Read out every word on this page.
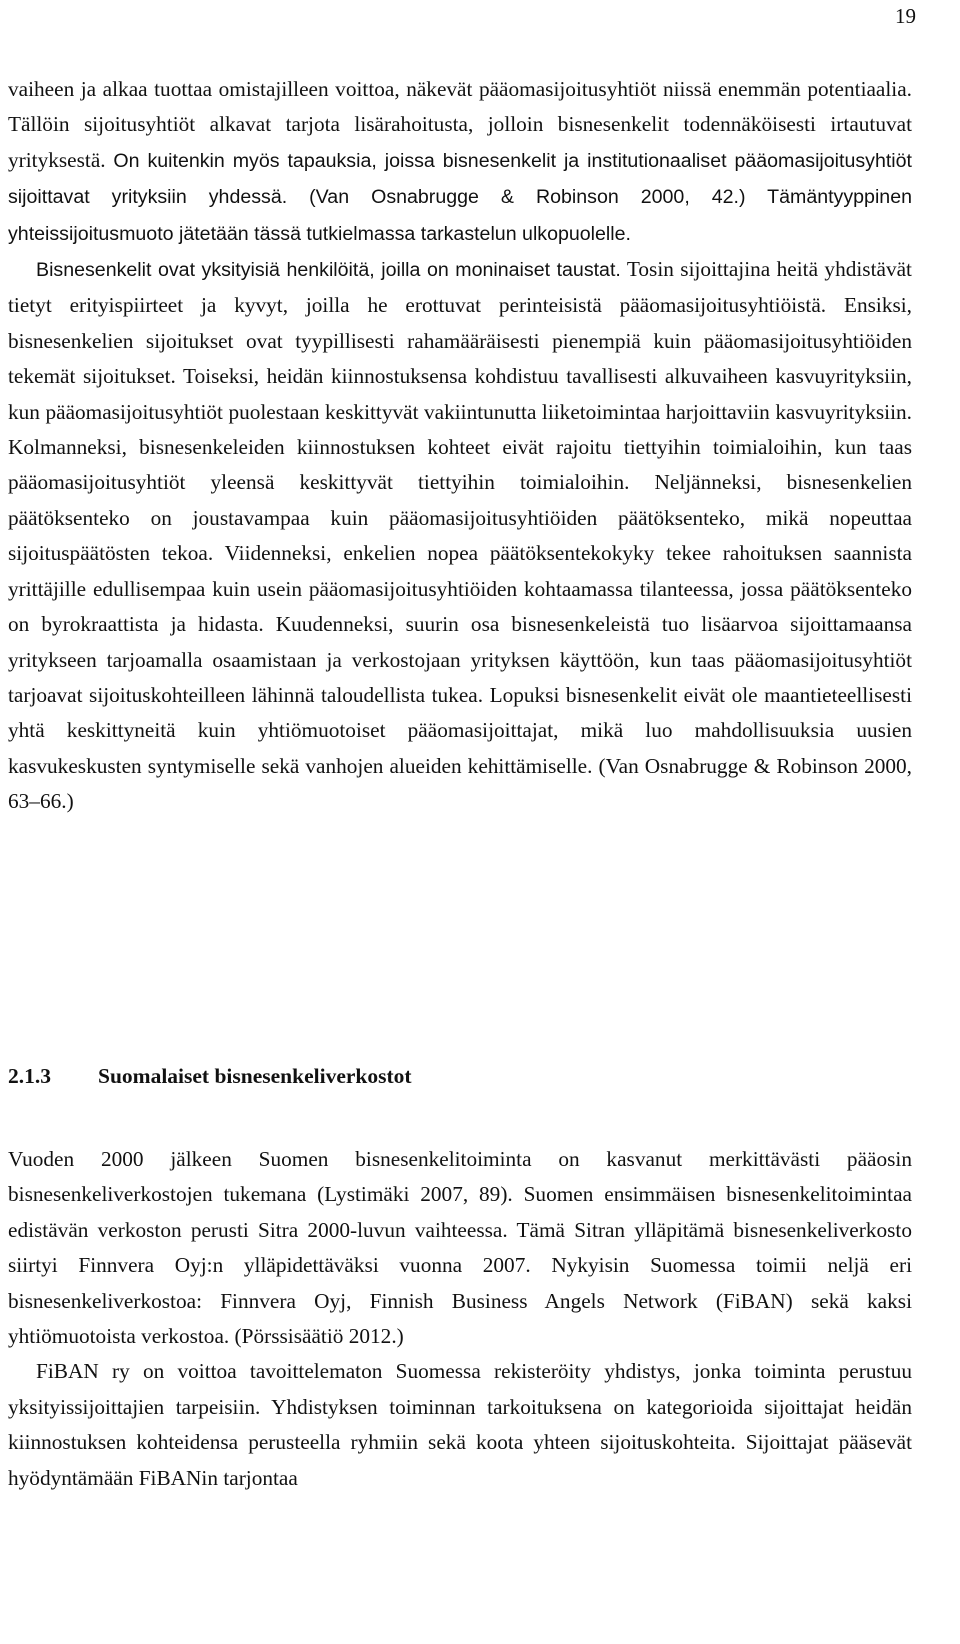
19

vaiheen ja alkaa tuottaa omistajilleen voittoa, näkevät pääomasijoitusyhtiöt niissä enemmän potentiaalia. Tällöin sijoitusyhtiöt alkavat tarjota lisärahoitusta, jolloin bisnesenkelit todennäköisesti irtautuvat yrityksestä. On kuitenkin myös tapauksia, joissa bisnesenkelit ja institutionaaliset pääomasijoitusyhtiöt sijoittavat yrityksiin yhdessä. (Van Osnabrugge & Robinson 2000, 42.) Tämäntyyppinen yhteissijoitusmuoto jätetään tässä tutkielmassa tarkastelun ulkopuolelle.

Bisnesenkelit ovat yksityisiä henkilöitä, joilla on moninaiset taustat. Tosin sijoittajina heitä yhdistävät tietyt erityispiirteet ja kyvyt, joilla he erottuvat perinteisistä pääomasijoitusyhtiöistä. Ensiksi, bisnesenkelien sijoitukset ovat tyypillisesti rahamääräisesti pienempiä kuin pääomasijoitusyhtiöiden tekemät sijoitukset. Toiseksi, heidän kiinnostuksensa kohdistuu tavallisesti alkuvaiheen kasvuyrityksiin, kun pääomasijoitusyhtiöt puolestaan keskittyvät vakiintunutta liiketoimintaa harjoittaviin kasvuyrityksiin. Kolmanneksi, bisnesenkeleiden kiinnostuksen kohteet eivät rajoitu tiettyihin toimialoihin, kun taas pääomasijoitusyhtiöt yleensä keskittyvät tiettyihin toimialoihin. Neljänneksi, bisnesenkelien päätöksenteko on joustavampaa kuin pääomasijoitusyhtiöiden päätöksenteko, mikä nopeuttaa sijoituspäätösten tekoa. Viidenneksi, enkelien nopea päätöksentekokyky tekee rahoituksen saannista yrittäjille edullisempaa kuin usein pääomasijoitusyhtiöiden kohtaamassa tilanteessa, jossa päätöksenteko on byrokraattista ja hidasta. Kuudenneksi, suurin osa bisnesenkeleistä tuo lisäarvoa sijoittamaansa yritykseen tarjoamalla osaamistaan ja verkostojaan yrityksen käyttöön, kun taas pääomasijoitusyhtiöt tarjoavat sijoituskohteilleen lähinnä taloudellista tukea. Lopuksi bisnesenkelit eivät ole maantieteellisesti yhtä keskittyneitä kuin yhtiömuotoiset pääomasijoittajat, mikä luo mahdollisuuksia uusien kasvukeskusten syntymiselle sekä vanhojen alueiden kehittämiselle. (Van Osnabrugge & Robinson 2000, 63–66.)

2.1.3	Suomalaiset bisnesenkeliverkostot

Vuoden 2000 jälkeen Suomen bisnesenkelitoiminta on kasvanut merkittävästi pääosin bisnesenkeliverkostojen tukemana (Lystimäki 2007, 89). Suomen ensimmäisen bisnesenkelitoimintaa edistävän verkoston perusti Sitra 2000-luvun vaihteessa. Tämä Sitran ylläpitämä bisnesenkeliverkosto siirtyi Finnvera Oyj:n ylläpidettäväksi vuonna 2007. Nykyisin Suomessa toimii neljä eri bisnesenkeliverkostoa: Finnvera Oyj, Finnish Business Angels Network (FiBAN) sekä kaksi yhtiömuotoista verkostoa. (Pörssisäätiö 2012.)

FiBAN ry on voittoa tavoittelematon Suomessa rekisteröity yhdistys, jonka toiminta perustuu yksityissijoittajien tarpeisiin. Yhdistyksen toiminnan tarkoituksena on kategorioida sijoittajat heidän kiinnostuksen kohteidensa perusteella ryhmiin sekä koota yhteen sijoituskohteita. Sijoittajat pääsevät hyödyntämään FiBANin tarjontaa
